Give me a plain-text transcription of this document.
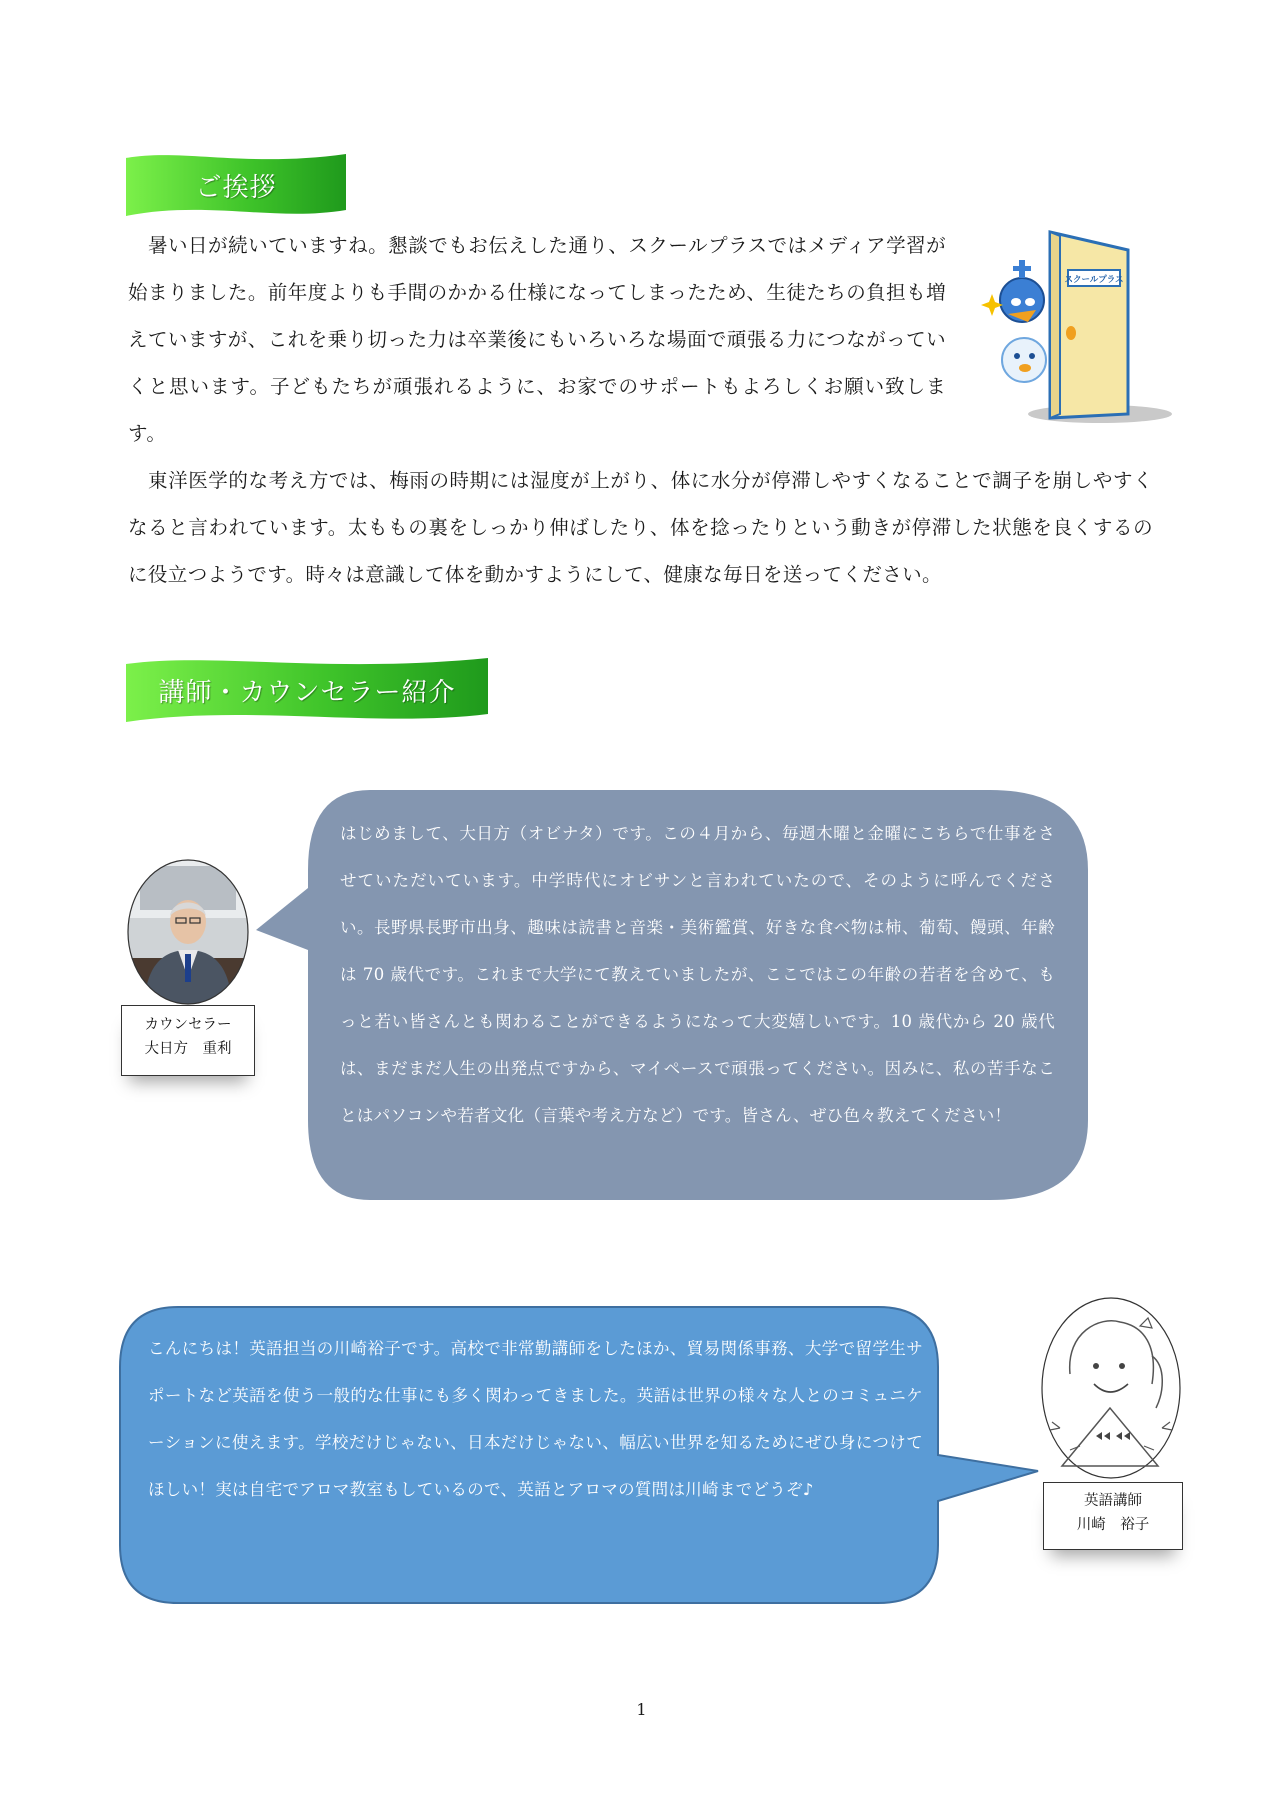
ご挨拶

暑い日が続いていますね。懇談でもお伝えした通り、スクールプラスではメディア学習が始まりました。前年度よりも手間のかかる仕様になってしまったため、生徒たちの負担も増えていますが、これを乗り切った力は卒業後にもいろいろな場面で頑張る力につながっていくと思います。子どもたちが頑張れるように、お家でのサポートもよろしくお願い致します。

スクールプラス

東洋医学的な考え方では、梅雨の時期には湿度が上がり、体に水分が停滞しやすくなることで調子を崩しやすくなると言われています。太ももの裏をしっかり伸ばしたり、体を捻ったりという動きが停滞した状態を良くするのに役立つようです。時々は意識して体を動かすようにして、健康な毎日を送ってください。

講師・カウンセラー紹介
カウンセラー
大日方　重利

はじめまして、大日方（オビナタ）です。この４月から、毎週木曜と金曜にこちらで仕事をさせていただいています。中学時代にオビサンと言われていたので、そのように呼んでください。長野県長野市出身、趣味は読書と音楽・美術鑑賞、好きな食べ物は柿、葡萄、饅頭、年齢は 70 歳代です。これまで大学にて教えていましたが、ここではこの年齢の若者を含めて、もっと若い皆さんとも関わることができるようになって大変嬉しいです。10 歳代から 20 歳代は、まだまだ人生の出発点ですから、マイペースで頑張ってください。因みに、私の苦手なことはパソコンや若者文化（言葉や考え方など）です。皆さん、ぜひ色々教えてください！

こんにちは！英語担当の川崎裕子です。高校で非常勤講師をしたほか、貿易関係事務、大学で留学生サポートなど英語を使う一般的な仕事にも多く関わってきました。英語は世界の様々な人とのコミュニケーションに使えます。学校だけじゃない、日本だけじゃない、幅広い世界を知るためにぜひ身につけてほしい！実は自宅でアロマ教室もしているので、英語とアロマの質問は川崎までどうぞ♪

英語講師
川崎　裕子
1
